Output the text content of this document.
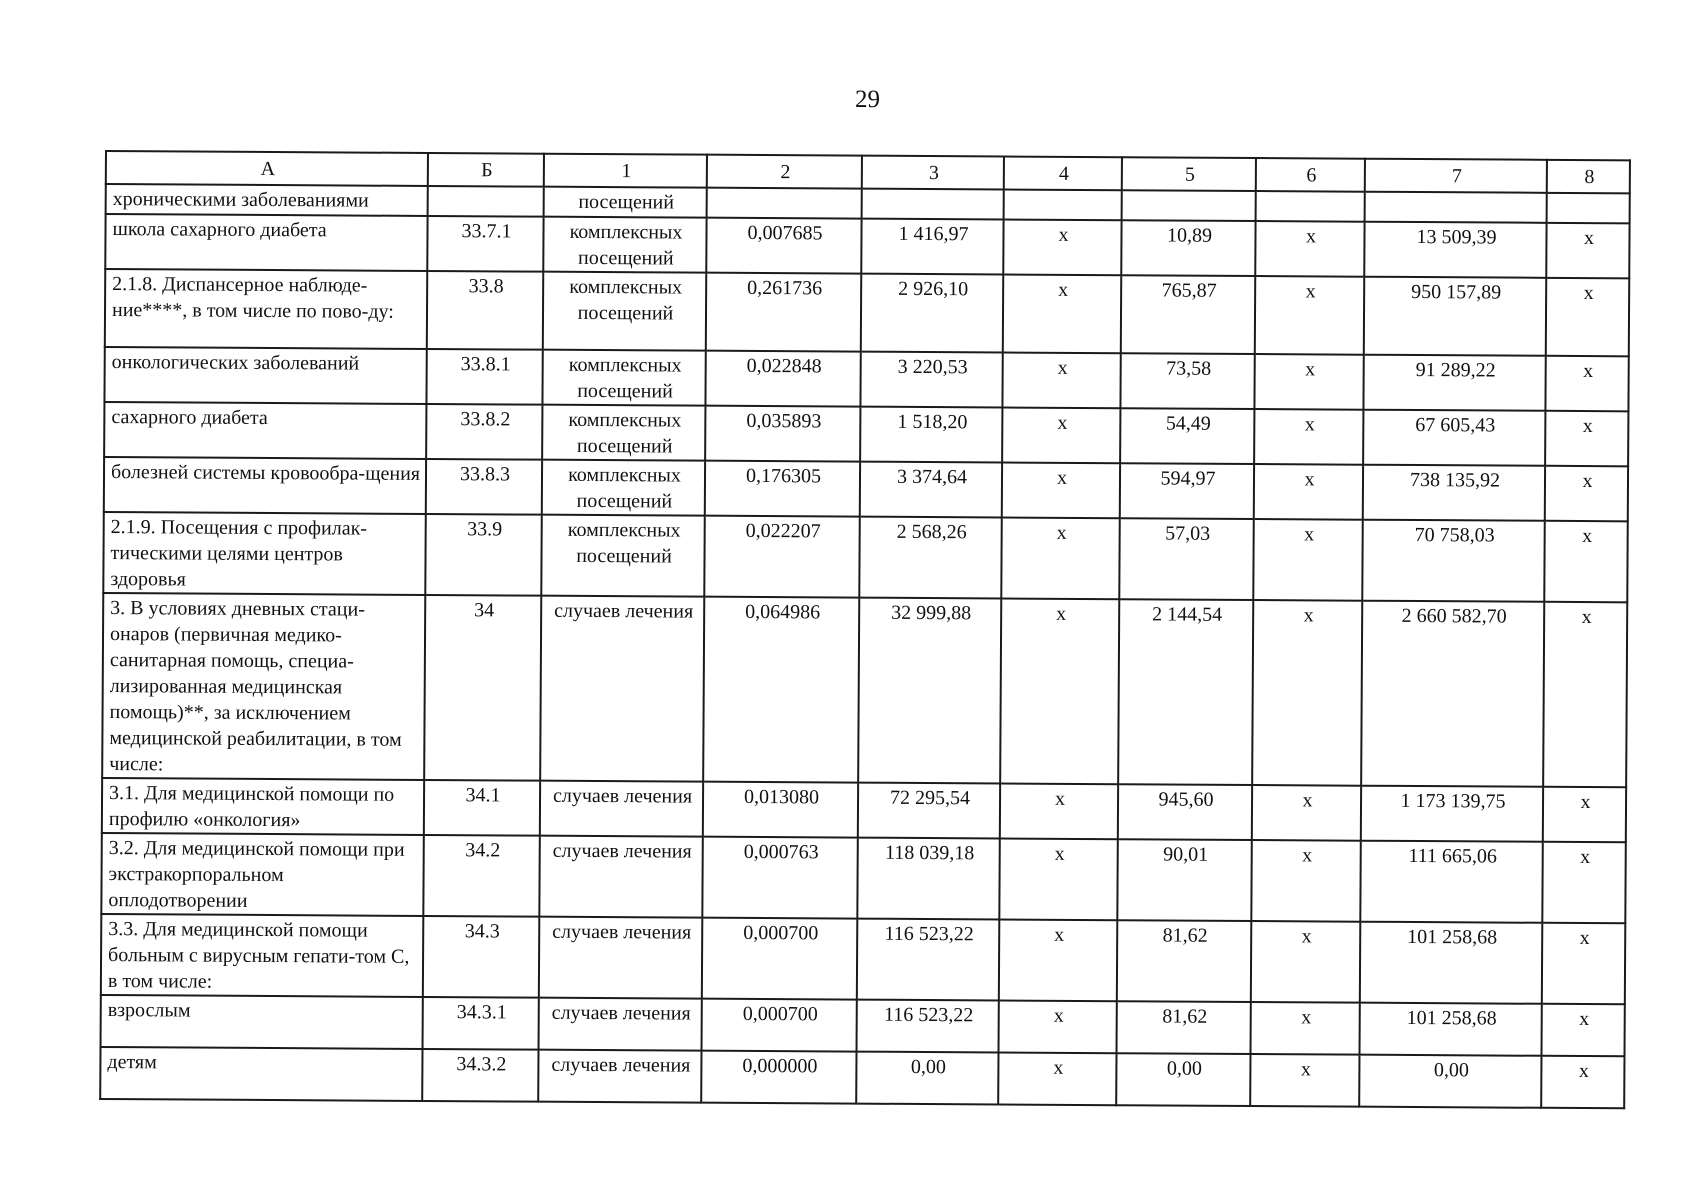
29
А	Б	1	2	3	4	5	6	7	8
хроническими заболеваниями		посещений							
школа сахарного диабета	33.7.1	комплексных посещений	0,007685	1 416,97	х	10,89	х	13 509,39	х
2.1.8. Диспансерное наблюде-ние****, в том числе по пово-ду:	33.8	комплексных посещений	0,261736	2 926,10	х	765,87	х	950 157,89	х
онкологических заболеваний	33.8.1	комплексных посещений	0,022848	3 220,53	х	73,58	х	91 289,22	х
сахарного диабета	33.8.2	комплексных посещений	0,035893	1 518,20	х	54,49	х	67 605,43	х
болезней системы кровообра-щения	33.8.3	комплексных посещений	0,176305	3 374,64	х	594,97	х	738 135,92	х
2.1.9. Посещения с профилак-тическими целями центров здоровья	33.9	комплексных посещений	0,022207	2 568,26	х	57,03	х	70 758,03	х
3. В условиях дневных стаци-онаров (первичная медико-санитарная помощь, специа-лизированная медицинская помощь)**, за исключением медицинской реабилитации, в том числе:	34	случаев лечения	0,064986	32 999,88	х	2 144,54	х	2 660 582,70	х
3.1. Для медицинской помощи по профилю «онкология»	34.1	случаев лечения	0,013080	72 295,54	х	945,60	х	1 173 139,75	х
3.2. Для медицинской помощи при экстракорпоральном оплодотворении	34.2	случаев лечения	0,000763	118 039,18	х	90,01	х	111 665,06	х
3.3. Для медицинской помощи больным с вирусным гепати-том С, в том числе:	34.3	случаев лечения	0,000700	116 523,22	х	81,62	х	101 258,68	х
взрослым	34.3.1	случаев лечения	0,000700	116 523,22	х	81,62	х	101 258,68	х
детям	34.3.2	случаев лечения	0,000000	0,00	х	0,00	х	0,00	х
